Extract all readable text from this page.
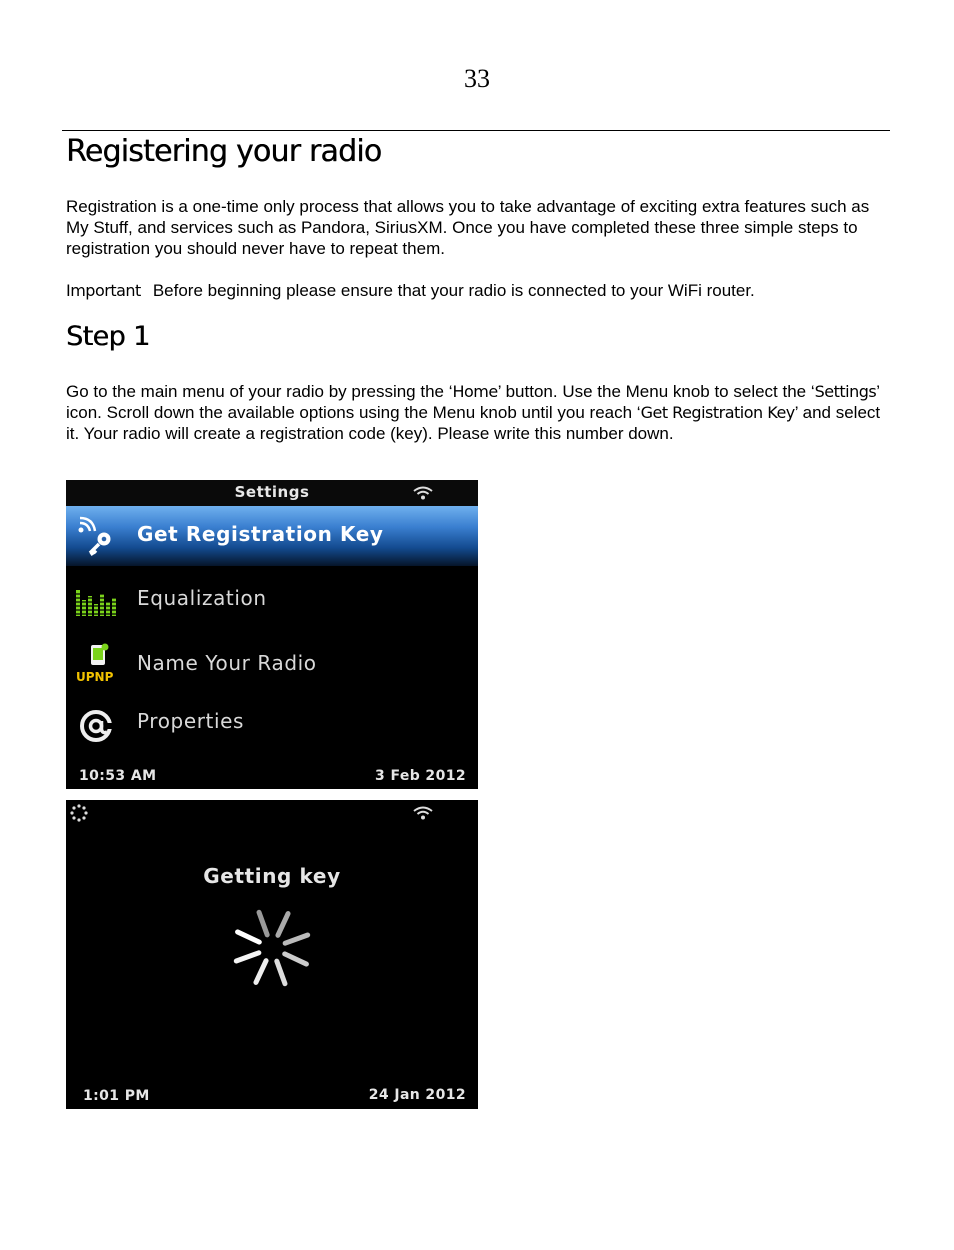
33
Registering your radio
Registration is a one-time only process that allows you to take advantage of exciting extra features such as My Stuff, and services such as Pandora, SiriusXM. Once you have completed these three simple steps to registration you should never have to repeat them.
Important Before beginning please ensure that your radio is connected to your WiFi router.
Step 1
Go to the main menu of your radio by pressing the ‘Home’ button. Use the Menu knob to select the ‘Settings’ icon. Scroll down the available options using the Menu knob until you reach ‘Get Registration Key’ and select it. Your radio will create a registration code (key). Please write this number down.
Settings
Get Registration Key
Equalization
UPNP
Name Your Radio
Properties
10:53 AM	3 Feb 2012
Getting key
1:01 PM	24 Jan 2012
